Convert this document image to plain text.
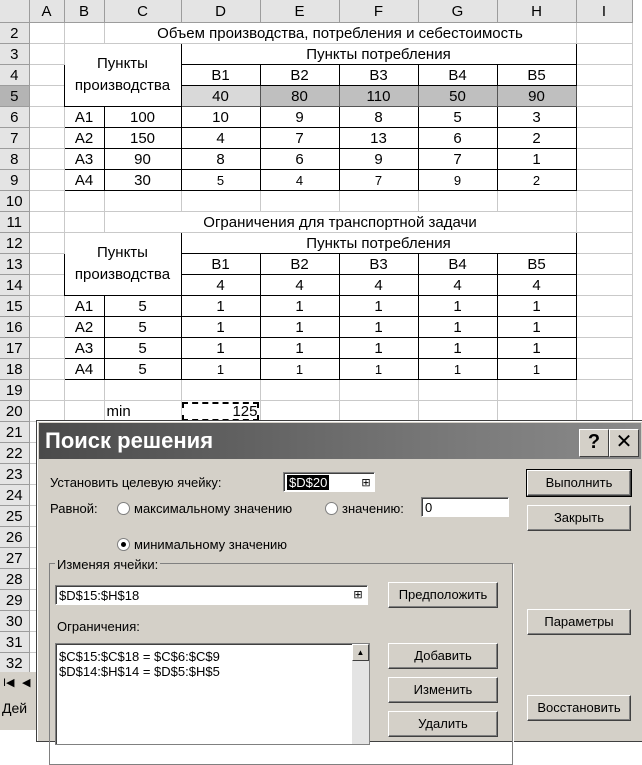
	A	B	C	D	E	F	G	H	I
2			Объем производства, потребления и себестоимость						
3		Пункты производства		Пункты потребления					
4				B1	B2	B3	B4	B5	
5				40	80	110	50	90	
6		A1	100	10	9	8	5	3	
7		A2	150	4	7	13	6	2	
8		A3	90	8	6	9	7	1	
9		A4	30	5	4	7	9	2	
10									
11			Ограничения для транспортной задачи						
12		Пункты производства		Пункты потребления					
13				B1	B2	B3	B4	B5	
14				4	4	4	4	4	
15		A1	5	1	1	1	1	1	
16		A2	5	1	1	1	1	1	
17		A3	5	1	1	1	1	1	
18		A4	5	1	1	1	1	1	
19									
20			min	125					
21									
22									
23									
24									
25									
26									
27									
28									
29									
30									
31									
32									
I◀ ◀
Дей
Поиск решения	? ✕
Установить целевую ячейку:	$D$20	⊞
Равной:	максимальному значению	значению:	0
минимальному значению
Изменяя ячейки:
$D$15:$H$18	⊞	Предположить
Ограничения:
$C$15:$C$18 = $C$6:$C$9
$D$14:$H$14 = $D$5:$H$5
▲	Добавить
Изменить
Удалить
Выполнить
Закрыть
Параметры
Восстановить
